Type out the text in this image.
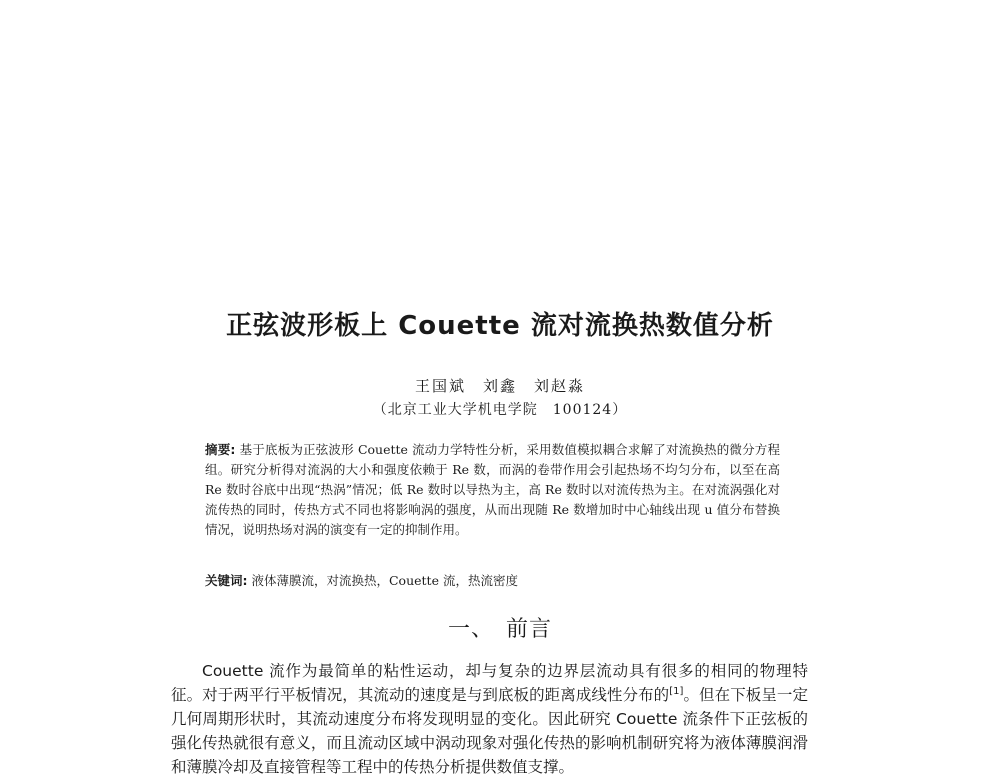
正弦波形板上 Couette 流对流换热数值分析
王国斌　刘鑫　刘赵淼
（北京工业大学机电学院　100124）
摘要: 基于底板为正弦波形 Couette 流动力学特性分析，采用数值模拟耦合求解了对流换热的微分方程组。研究分析得对流涡的大小和强度依赖于 Re 数，而涡的卷带作用会引起热场不均匀分布，以至在高 Re 数时谷底中出现“热涡”情况；低 Re 数时以导热为主，高 Re 数时以对流传热为主。在对流涡强化对流传热的同时，传热方式不同也将影响涡的强度，从而出现随 Re 数增加时中心轴线出现 u 值分布替换情况，说明热场对涡的演变有一定的抑制作用。
关键词: 液体薄膜流，对流换热，Couette 流，热流密度
一、　前言
Couette 流作为最简单的粘性运动，却与复杂的边界层流动具有很多的相同的物理特征。对于两平行平板情况，其流动的速度是与到底板的距离成线性分布的[1]。但在下板呈一定几何周期形状时，其流动速度分布将发现明显的变化。因此研究 Couette 流条件下正弦板的强化传热就很有意义，而且流动区域中涡动现象对强化传热的影响机制研究将为液体薄膜润滑和薄膜冷却及直接管程等工程中的传热分析提供数值支撑。
